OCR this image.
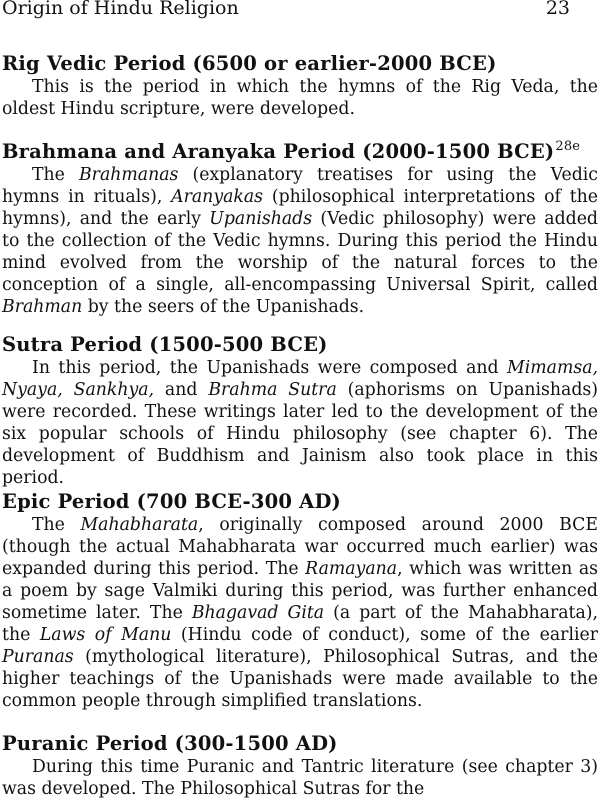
Origin of Hindu Religion	23
Rig Vedic Period (6500 or earlier-2000 BCE)

This is the period in which the hymns of the Rig Veda, the oldest Hindu scripture, were developed.

Brahmana and Aranyaka Period (2000-1500 BCE)$^{28e}$

The Brahmanas (explanatory treatises for using the Vedic hymns in rituals), Aranyakas (philosophical interpretations of the hymns), and the early Upanishads (Vedic philosophy) were added to the collection of the Vedic hymns. During this period the Hindu mind evolved from the worship of the natural forces to the conception of a single, all-encompassing Universal Spirit, called Brahman by the seers of the Upanishads.

Sutra Period (1500-500 BCE)

In this period, the Upanishads were composed and Mimamsa, Nyaya, Sankhya, and Brahma Sutra (aphorisms on Upanishads) were recorded. These writings later led to the development of the six popular schools of Hindu philosophy (see chapter 6). The development of Buddhism and Jainism also took place in this period.

Epic Period (700 BCE-300 AD)

The Mahabharata, originally composed around 2000 BCE (though the actual Mahabharata war occurred much earlier) was expanded during this period. The Ramayana, which was written as a poem by sage Valmiki during this period, was further enhanced sometime later. The Bhagavad Gita (a part of the Mahabharata), the Laws of Manu (Hindu code of conduct), some of the earlier Puranas (mythological literature), Philosophical Sutras, and the higher teachings of the Upanishads were made available to the common people through simplified translations.

Puranic Period (300-1500 AD)

During this time Puranic and Tantric literature (see chapter 3) was developed. The Philosophical Sutras for the
